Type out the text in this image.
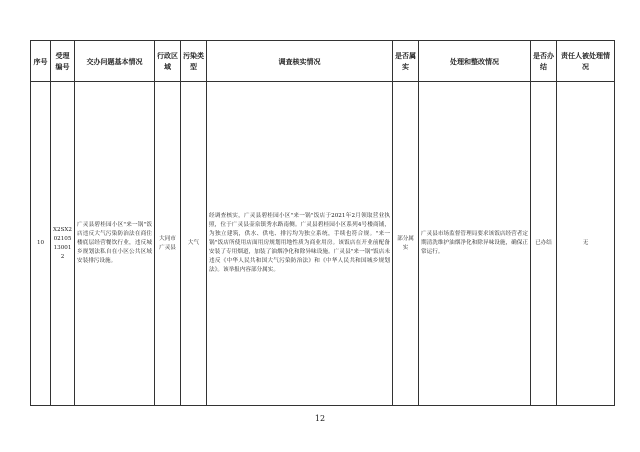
序号	受理编号	交办问题基本情况	行政区域	污染类型	调查核实情况	是否属实	处理和整改情况	是否办结	责任人被处理情况
10	X2SX202105130012	广灵县碧桂园小区"来一锅"饭店违反大气污染防治法在商住楼底层经营餐饮行业，违反城乡规划法私自在小区公共区域安装排污设施。	大同市广灵县	大气	经调查核实，广灵县碧桂园小区"来一锅"饭店于2021年2月领取营业执照，位于广灵县壶泉镇秀水路南侧。广灵县碧桂园小区系列4号楼商铺，为独立建筑，供水、供电、排污均为独立系统，手续也符合规。"来一锅"饭店所使用店面用房规划用地性质为商业用房。该饭店在开业前配备安装了专用烟道，加装了油烟净化和除异味设施。广灵县"来一锅"饭店未违反《中华人民共和国大气污染防治法》和《中华人民共和国城乡规划法》。该举报内容部分属实。	部分属实	广灵县市场监督管理局要求该饭店经营者定期清洗维护油烟净化和除异味设施，确保正常运行。	已办结	无
12
